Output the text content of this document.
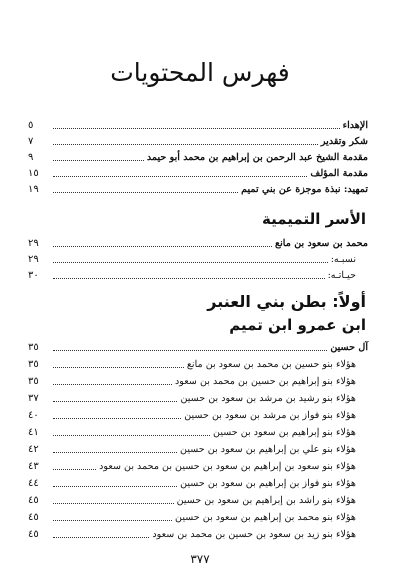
فهرس المحتويات
الإهداء
٥
شكر وتقدير
٧
مقدمة الشيخ عبد الرحمن بن إبراهيم بن محمد أبو حيمد
٩
مقدمة المؤلف
١٥
تمهيد: نبذة موجزة عن بني تميم
١٩
الأسر التميمية
محمد بن سعود بن مانع
٢٩
نسبـه:
٢٩
حيـاتـه:
٣٠
أولاً: بطن بني العنبر
ابن عمرو ابن تميم
آل حسين
٣٥
هؤلاء بنو حسين بن محمد بن سعود بن مانع
٣٥
هؤلاء بنو إبراهيم بن حسين بن محمد بن سعود
٣٥
هؤلاء بنو رشيد بن مرشد بن سعود بن حسين
٣٧
هؤلاء بنو فواز بن مرشد بن سعود بن حسين
٤٠
هؤلاء بنو إبراهيم بن سعود بن حسين
٤١
هؤلاء بنو علي بن إبراهيم بن سعود بن حسين
٤٢
هؤلاء بنو سعود بن إبراهيم بن سعود بن حسين بن محمد بن سعود
٤٣
هؤلاء بنو فواز بن إبراهيم بن سعود بن حسين
٤٤
هؤلاء بنو راشد بن إبراهيم بن سعود بن حسين
٤٥
هؤلاء بنو محمد بن إبراهيم بن سعود بن حسين
٤٥
هؤلاء بنو زيد بن سعود بن حسين بن محمد بن سعود
٤٥
٣٧٧
